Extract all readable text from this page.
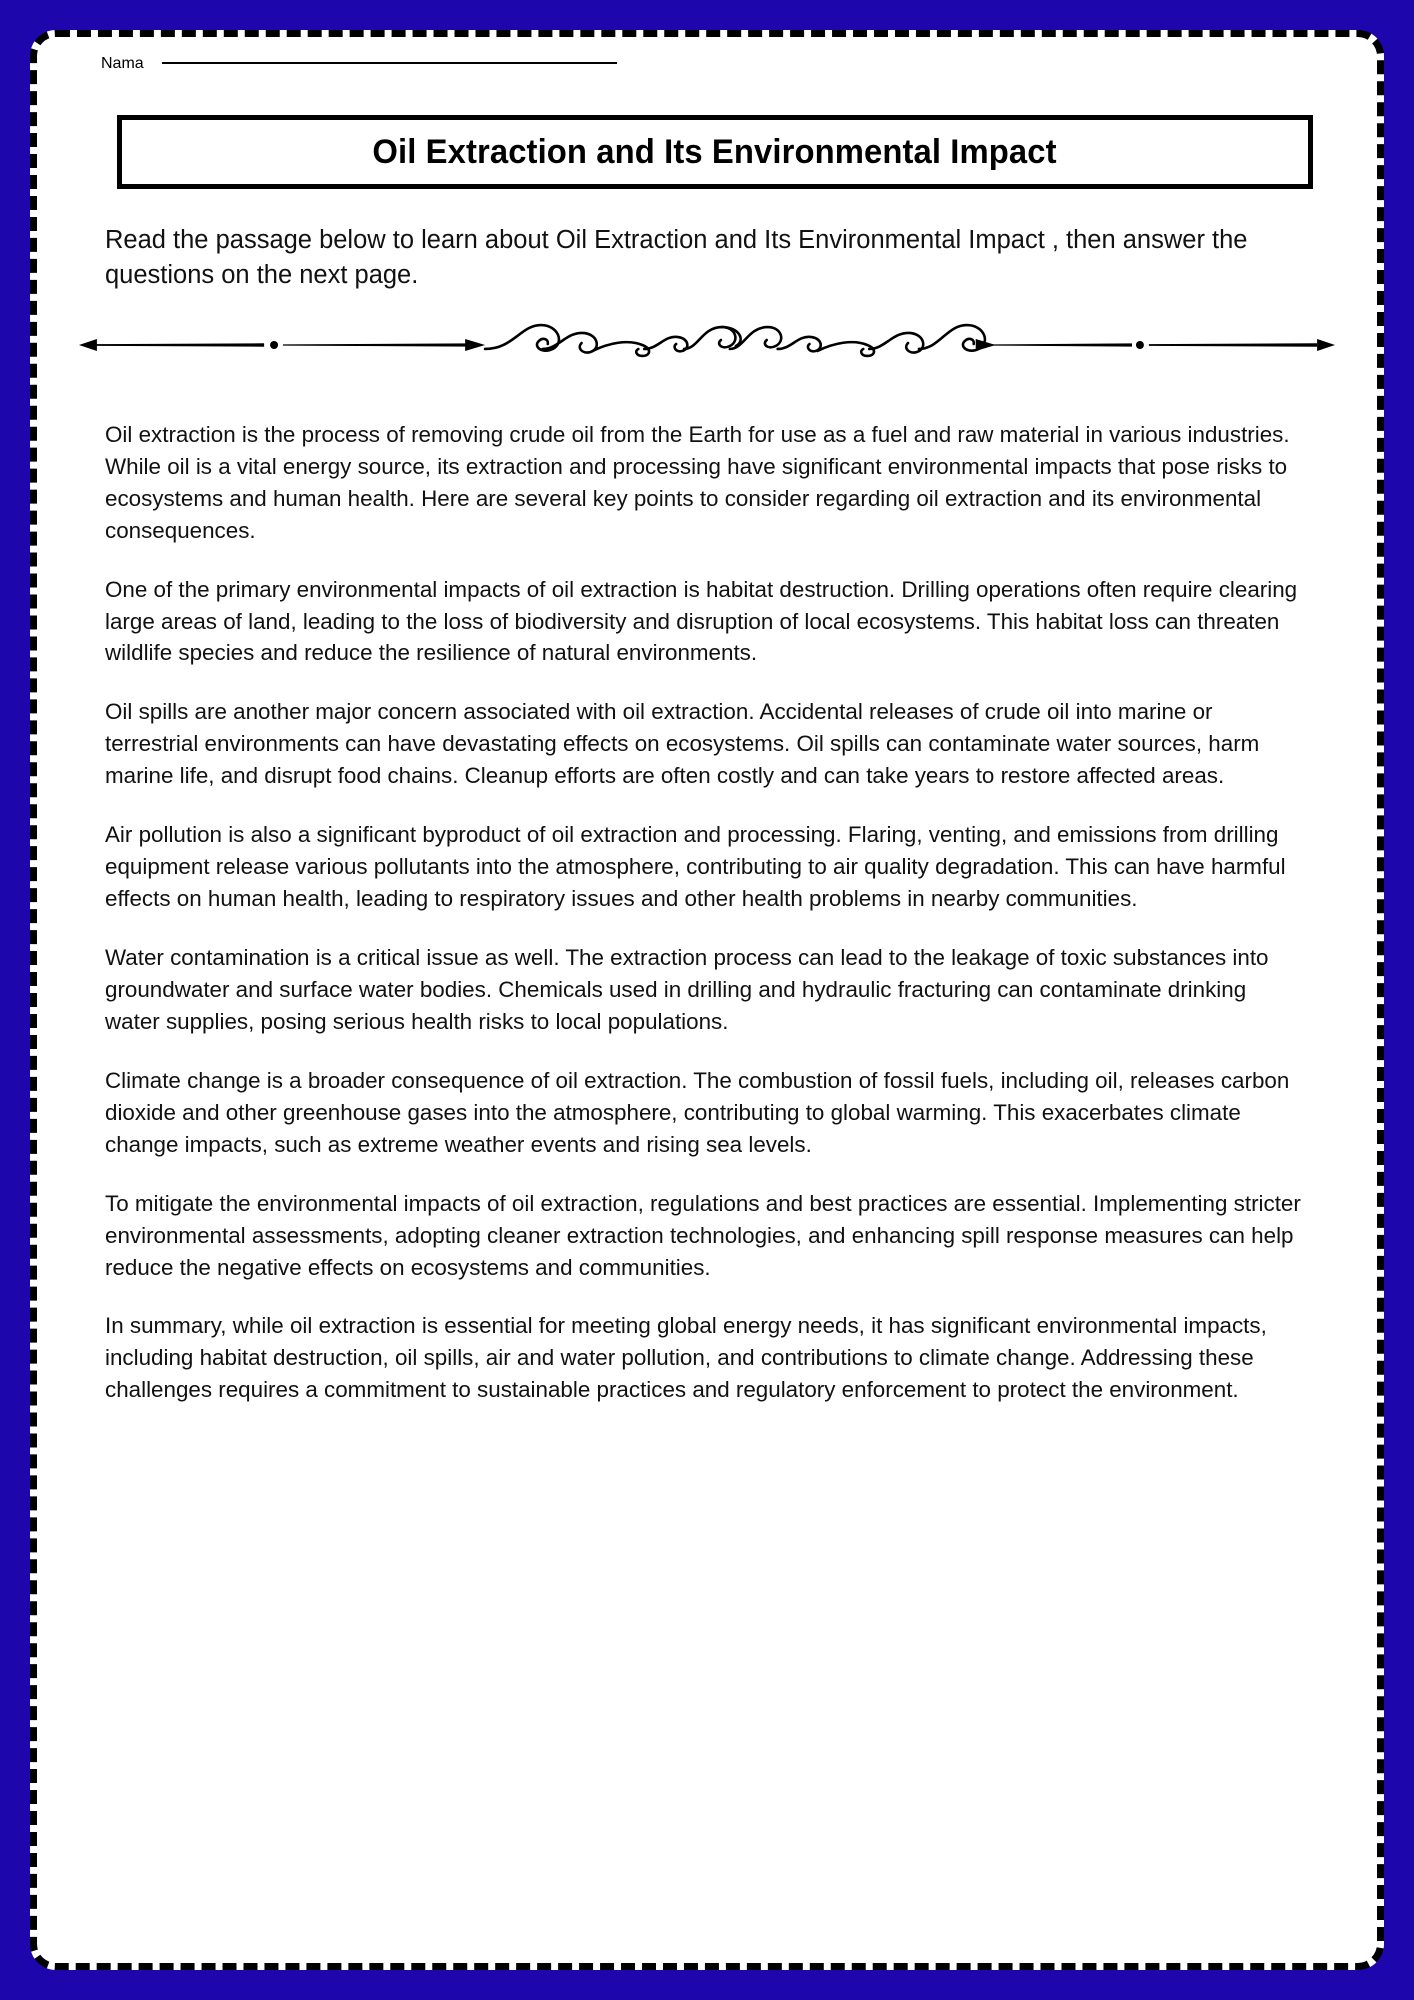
Nama
Oil Extraction and Its Environmental Impact

Read the passage below to learn about Oil Extraction and Its Environmental Impact , then answer the questions on the next page.

Oil extraction is the process of removing crude oil from the Earth for use as a fuel and raw material in various industries. While oil is a vital energy source, its extraction and processing have significant environmental impacts that pose risks to ecosystems and human health. Here are several key points to consider regarding oil extraction and its environmental consequences.

One of the primary environmental impacts of oil extraction is habitat destruction. Drilling operations often require clearing large areas of land, leading to the loss of biodiversity and disruption of local ecosystems. This habitat loss can threaten wildlife species and reduce the resilience of natural environments.

Oil spills are another major concern associated with oil extraction. Accidental releases of crude oil into marine or terrestrial environments can have devastating effects on ecosystems. Oil spills can contaminate water sources, harm marine life, and disrupt food chains. Cleanup efforts are often costly and can take years to restore affected areas.

Air pollution is also a significant byproduct of oil extraction and processing. Flaring, venting, and emissions from drilling equipment release various pollutants into the atmosphere, contributing to air quality degradation. This can have harmful effects on human health, leading to respiratory issues and other health problems in nearby communities.

Water contamination is a critical issue as well. The extraction process can lead to the leakage of toxic substances into groundwater and surface water bodies. Chemicals used in drilling and hydraulic fracturing can contaminate drinking water supplies, posing serious health risks to local populations.

Climate change is a broader consequence of oil extraction. The combustion of fossil fuels, including oil, releases carbon dioxide and other greenhouse gases into the atmosphere, contributing to global warming. This exacerbates climate change impacts, such as extreme weather events and rising sea levels.

To mitigate the environmental impacts of oil extraction, regulations and best practices are essential. Implementing stricter environmental assessments, adopting cleaner extraction technologies, and enhancing spill response measures can help reduce the negative effects on ecosystems and communities.

In summary, while oil extraction is essential for meeting global energy needs, it has significant environmental impacts, including habitat destruction, oil spills, air and water pollution, and contributions to climate change. Addressing these challenges requires a commitment to sustainable practices and regulatory enforcement to protect the environment.
